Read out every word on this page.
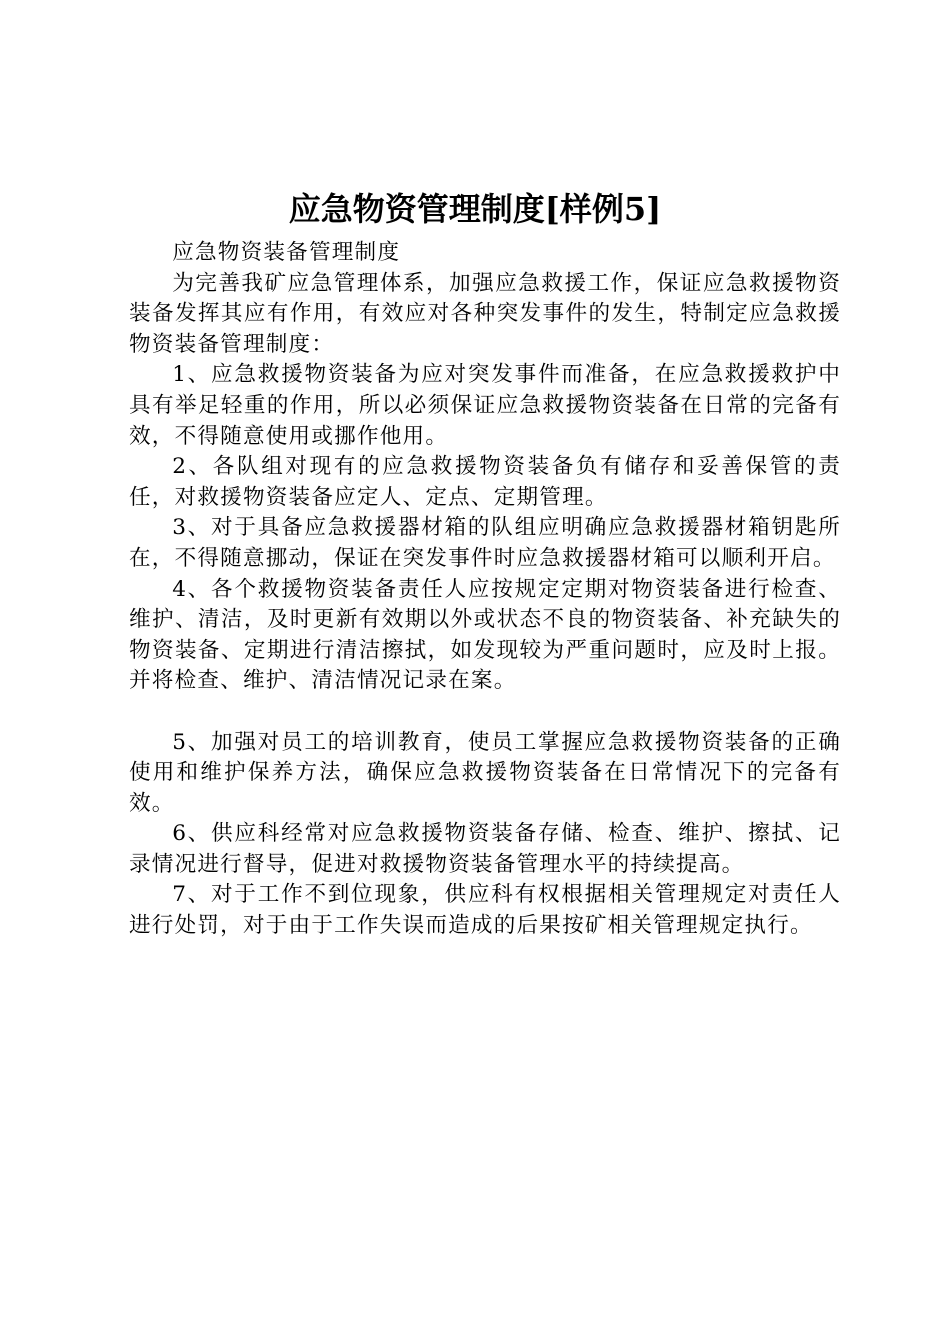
应急物资管理制度[样例5]

应急物资装备管理制度

为完善我矿应急管理体系，加强应急救援工作，保证应急救援物资装备发挥其应有作用，有效应对各种突发事件的发生，特制定应急救援物资装备管理制度：

1、应急救援物资装备为应对突发事件而准备，在应急救援救护中具有举足轻重的作用，所以必须保证应急救援物资装备在日常的完备有效，不得随意使用或挪作他用。

2、各队组对现有的应急救援物资装备负有储存和妥善保管的责任，对救援物资装备应定人、定点、定期管理。

3、对于具备应急救援器材箱的队组应明确应急救援器材箱钥匙所在，不得随意挪动，保证在突发事件时应急救援器材箱可以顺利开启。

4、各个救援物资装备责任人应按规定定期对物资装备进行检查、维护、清洁，及时更新有效期以外或状态不良的物资装备、补充缺失的物资装备、定期进行清洁擦拭，如发现较为严重问题时，应及时上报。并将检查、维护、清洁情况记录在案。

5、加强对员工的培训教育，使员工掌握应急救援物资装备的正确使用和维护保养方法，确保应急救援物资装备在日常情况下的完备有效。

6、供应科经常对应急救援物资装备存储、检查、维护、擦拭、记录情况进行督导，促进对救援物资装备管理水平的持续提高。

7、对于工作不到位现象，供应科有权根据相关管理规定对责任人进行处罚，对于由于工作失误而造成的后果按矿相关管理规定执行。
